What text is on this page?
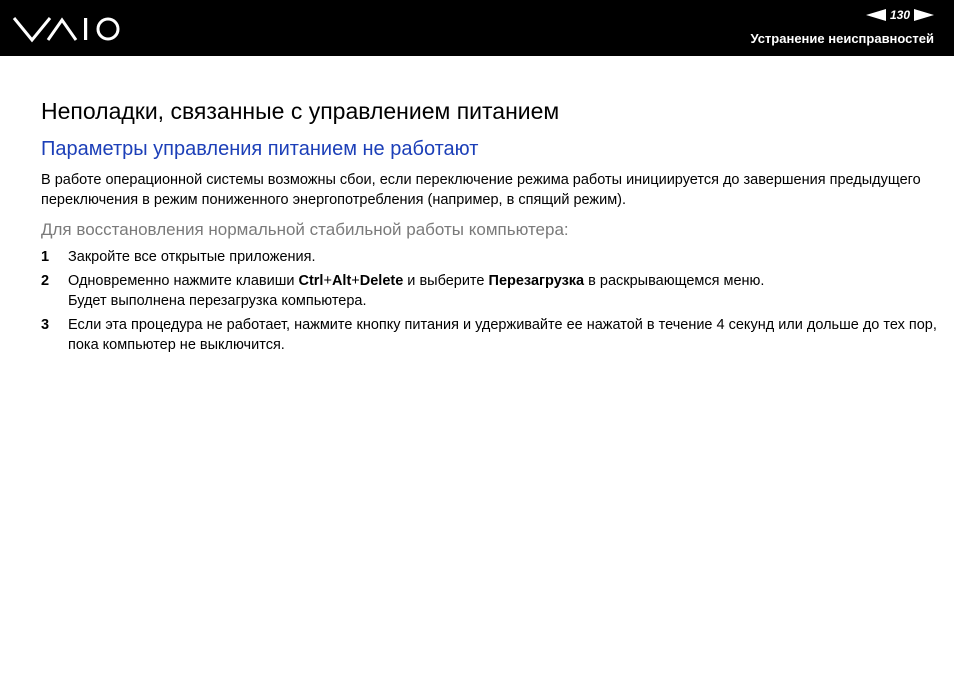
130
Устранение неисправностей
Неполадки, связанные с управлением питанием
Параметры управления питанием не работают

В работе операционной системы возможны сбои, если переключение режима работы инициируется до завершения предыдущего переключения в режим пониженного энергопотребления (например, в спящий режим).

Для восстановления нормальной стабильной работы компьютера:
1	Закройте все открытые приложения.
2	Одновременно нажмите клавиши Ctrl+Alt+Delete и выберите Перезагрузка в раскрывающемся меню.
Будет выполнена перезагрузка компьютера.
3	Если эта процедура не работает, нажмите кнопку питания и удерживайте ее нажатой в течение 4 секунд или дольше до тех пор, пока компьютер не выключится.
